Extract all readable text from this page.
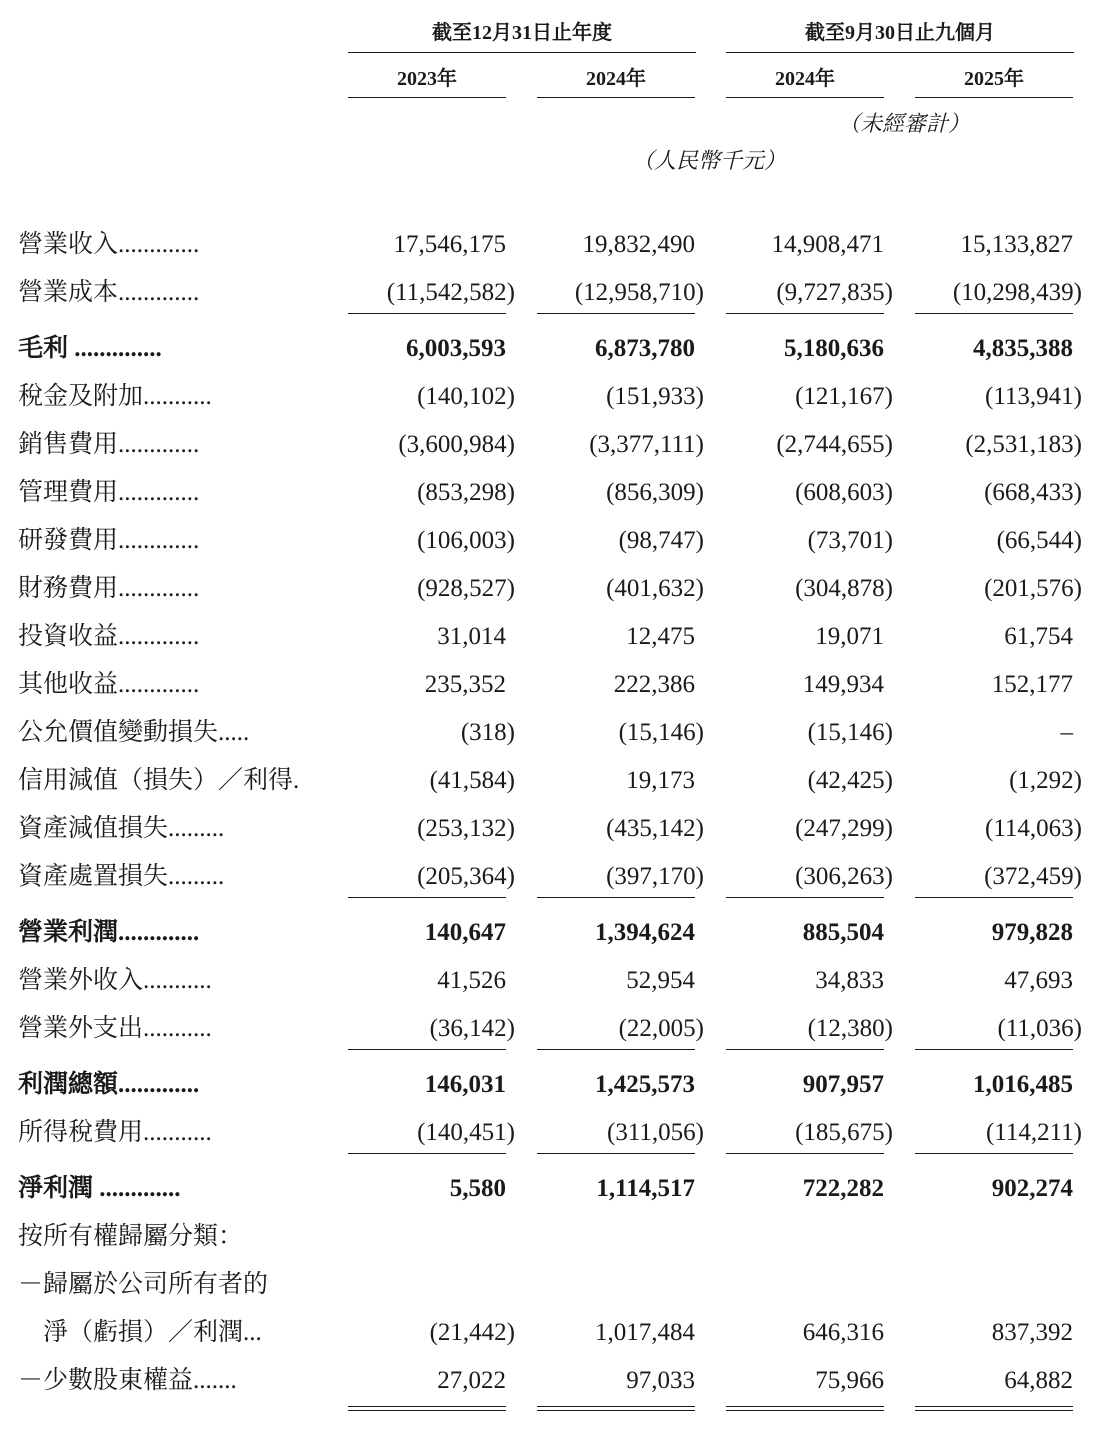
截至12月31日止年度	截至9月30日止九個月
2023年	2024年	2024年	2025年
（未經審計）
（人民幣千元）
營業收入.............	17,546,175	19,832,490	14,908,471	15,133,827
營業成本.............	(11,542,582)	(12,958,710)	(9,727,835)	(10,298,439)
毛利 ..............	6,003,593	6,873,780	5,180,636	4,835,388
稅金及附加...........	(140,102)	(151,933)	(121,167)	(113,941)
銷售費用.............	(3,600,984)	(3,377,111)	(2,744,655)	(2,531,183)
管理費用.............	(853,298)	(856,309)	(608,603)	(668,433)
研發費用.............	(106,003)	(98,747)	(73,701)	(66,544)
財務費用.............	(928,527)	(401,632)	(304,878)	(201,576)
投資收益.............	31,014	12,475	19,071	61,754
其他收益.............	235,352	222,386	149,934	152,177
公允價值變動損失.....	(318)	(15,146)	(15,146)	–
信用減值（損失）／利得.	(41,584)	19,173	(42,425)	(1,292)
資產減值損失.........	(253,132)	(435,142)	(247,299)	(114,063)
資產處置損失.........	(205,364)	(397,170)	(306,263)	(372,459)
營業利潤.............	140,647	1,394,624	885,504	979,828
營業外收入...........	41,526	52,954	34,833	47,693
營業外支出...........	(36,142)	(22,005)	(12,380)	(11,036)
利潤總額.............	146,031	1,425,573	907,957	1,016,485
所得稅費用...........	(140,451)	(311,056)	(185,675)	(114,211)
淨利潤 .............	5,580	1,114,517	722,282	902,274
按所有權歸屬分類：
－歸屬於公司所有者的
　淨（虧損）／利潤...	(21,442)	1,017,484	646,316	837,392
－少數股東權益.......	27,022	97,033	75,966	64,882
